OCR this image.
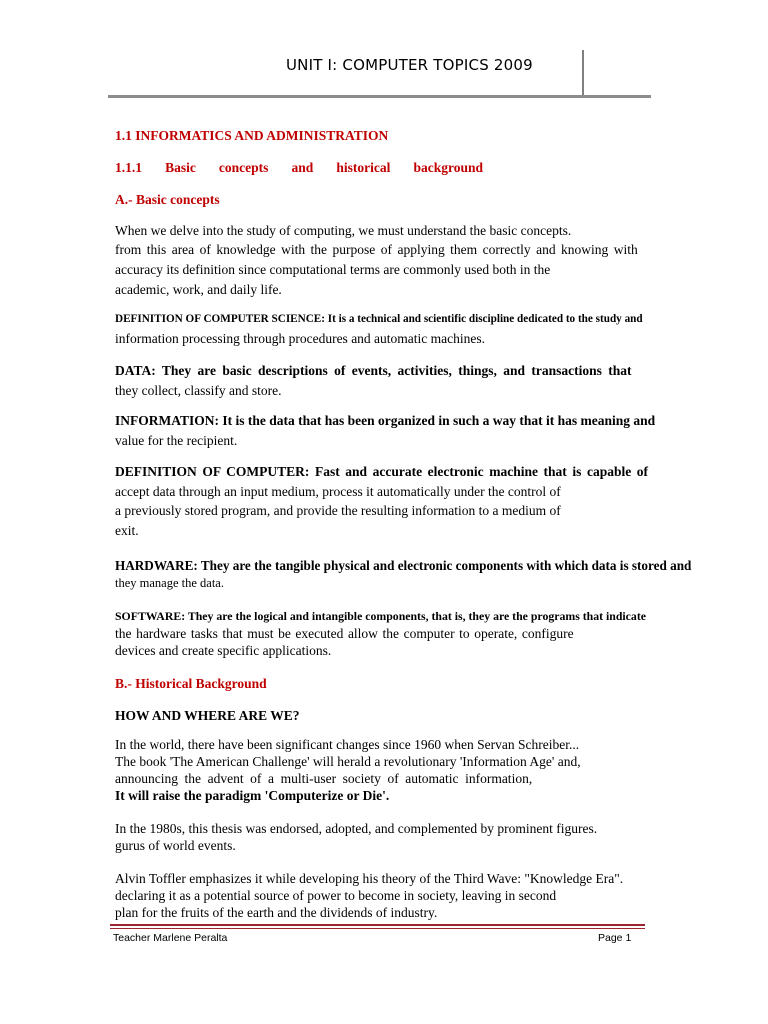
UNIT I: COMPUTER TOPICS 2009
1.1 INFORMATICS AND ADMINISTRATION
1.1.1 Basic concepts and historical background
A.- Basic concepts
When we delve into the study of computing, we must understand the basic concepts.
from this area of knowledge with the purpose of applying them correctly and knowing with
accuracy its definition since computational terms are commonly used both in the
academic, work, and daily life.
DEFINITION OF COMPUTER SCIENCE: It is a technical and scientific discipline dedicated to the study and
information processing through procedures and automatic machines.
DATA: They are basic descriptions of events, activities, things, and transactions that
they collect, classify and store.
INFORMATION: It is the data that has been organized in such a way that it has meaning and
value for the recipient.
DEFINITION OF COMPUTER: Fast and accurate electronic machine that is capable of
accept data through an input medium, process it automatically under the control of
a previously stored program, and provide the resulting information to a medium of
exit.
HARDWARE: They are the tangible physical and electronic components with which data is stored and
they manage the data.
SOFTWARE: They are the logical and intangible components, that is, they are the programs that indicate
the hardware tasks that must be executed allow the computer to operate, configure
devices and create specific applications.
B.- Historical Background
HOW AND WHERE ARE WE?
In the world, there have been significant changes since 1960 when Servan Schreiber...
The book 'The American Challenge' will herald a revolutionary 'Information Age' and,
announcing the advent of a multi-user society of automatic information,
It will raise the paradigm 'Computerize or Die'.
In the 1980s, this thesis was endorsed, adopted, and complemented by prominent figures.
gurus of world events.
Alvin Toffler emphasizes it while developing his theory of the Third Wave: "Knowledge Era".
declaring it as a potential source of power to become in society, leaving in second
plan for the fruits of the earth and the dividends of industry.
Teacher Marlene Peralta	Page 1
